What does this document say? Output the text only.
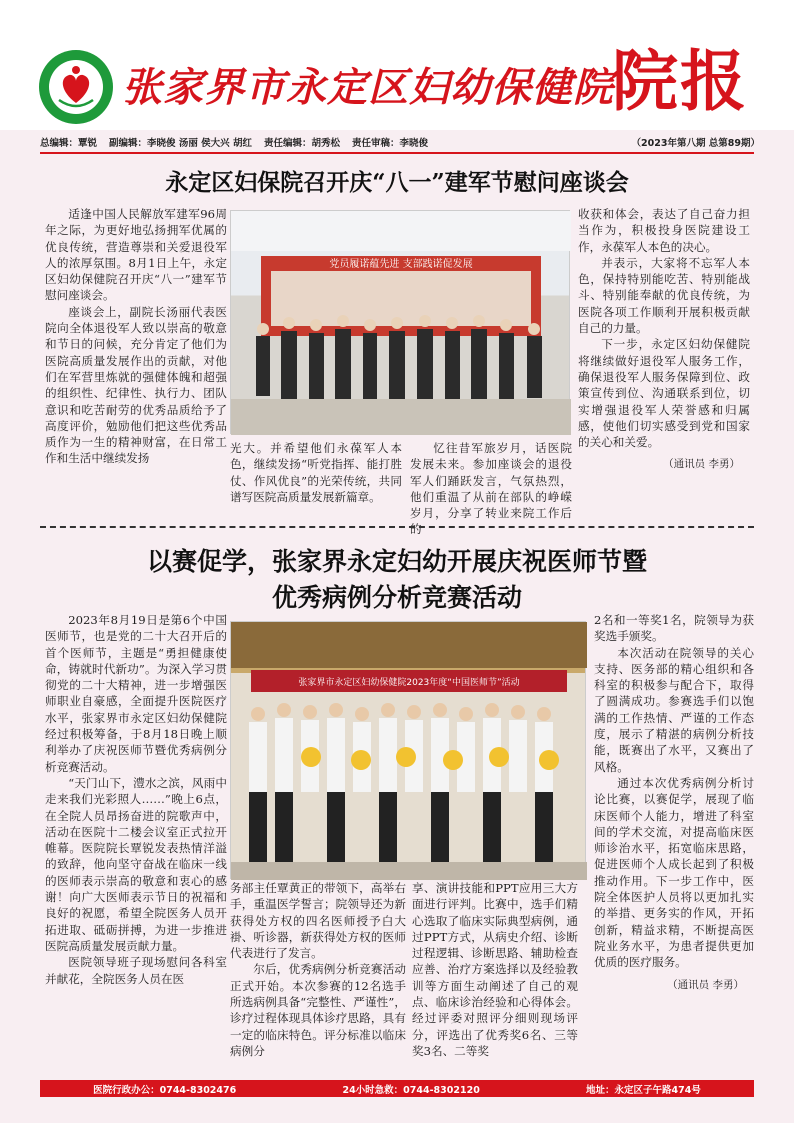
张家界市永定区妇幼保健院
院报
总编辑：覃锐 副编辑：李晓俊 汤丽 侯大兴 胡红 责任编辑：胡秀松 责任审稿：李晓俊	（2023年第八期 总第89期）
永定区妇保院召开庆“八一”建军节慰问座谈会

适逢中国人民解放军建军96周年之际，为更好地弘扬拥军优属的优良传统，营造尊崇和关爱退役军人的浓厚氛围。8月1日上午，永定区妇幼保健院召开庆“八一”建军节慰问座谈会。

座谈会上，副院长汤丽代表医院向全体退役军人致以崇高的敬意和节日的问候，充分肯定了他们为医院高质量发展作出的贡献，对他们在军营里炼就的强健体魄和超强的组织性、纪律性、执行力、团队意识和吃苦耐劳的优秀品质给予了高度评价，勉励他们把这些优秀品质作为一生的精神财富，在日常工作和生活中继续发扬

光大。并希望他们永葆军人本色，继续发扬“听党指挥、能打胜仗、作风优良”的光荣传统，共同谱写医院高质量发展新篇章。

忆往昔军旅岁月，话医院发展未来。参加座谈会的退役军人们踊跃发言，气氛热烈，他们重温了从前在部队的峥嵘岁月，分享了转业来院工作后的

收获和体会，表达了自己奋力担当作为，积极投身医院建设工作，永葆军人本色的决心。

并表示，大家将不忘军人本色，保持特别能吃苦、特别能战斗、特别能奉献的优良传统，为医院各项工作顺利开展积极贡献自己的力量。

下一步，永定区妇幼保健院将继续做好退役军人服务工作，确保退役军人服务保障到位、政策宣传到位、沟通联系到位，切实增强退役军人荣誉感和归属感，使他们切实感受到党和国家的关心和关爱。

（通讯员 李勇）
党员履诺蕴先进 支部践诺促发展
以赛促学，张家界永定妇幼开展庆祝医师节暨
优秀病例分析竞赛活动

2023年8月19日是第6个中国医师节，也是党的二十大召开后的首个医师节，主题是“勇担健康使命，铸就时代新功”。为深入学习贯彻党的二十大精神，进一步增强医师职业自豪感，全面提升医院医疗水平，张家界市永定区妇幼保健院经过积极筹备，于8月18日晚上顺利举办了庆祝医师节暨优秀病例分析竞赛活动。

“天门山下，澧水之滨，风雨中走来我们光彩照人……”晚上6点，在全院人员昂扬奋进的院歌声中，活动在医院十二楼会议室正式拉开帷幕。医院院长覃锐发表热情洋溢的致辞，他向坚守奋战在临床一线的医师表示崇高的敬意和衷心的感谢！向广大医师表示节日的祝福和良好的祝愿，希望全院医务人员开拓进取、砥砺拼搏，为进一步推进医院高质量发展贡献力量。

医院领导班子现场慰问各科室并献花，全院医务人员在医

务部主任覃黄正的带领下，高举右手，重温医学誓言；院领导还为新获得处方权的四名医师授予白大褂、听诊器，新获得处方权的医师代表进行了发言。

尔后，优秀病例分析竞赛活动正式开始。本次参赛的12名选手所选病例具备“完整性、严谨性”，诊疗过程体现具体诊疗思路，具有一定的临床特色。评分标准以临床病例分

享、演讲技能和PPT应用三大方面进行评判。比赛中，选手们精心选取了临床实际典型病例，通过PPT方式，从病史介绍、诊断过程逻辑、诊断思路、辅助检查应善、治疗方案选择以及经验教训等方面生动阐述了自己的观点、临床诊治经验和心得体会。经过评委对照评分细则现场评分，评选出了优秀奖6名、三等奖3名、二等奖

2名和一等奖1名，院领导为获奖选手颁奖。

本次活动在院领导的关心支持、医务部的精心组织和各科室的积极参与配合下，取得了圆满成功。参赛选手们以饱满的工作热情、严谨的工作态度，展示了精湛的病例分析技能，既赛出了水平，又赛出了风格。

通过本次优秀病例分析讨论比赛，以赛促学，展现了临床医师个人能力，增进了科室间的学术交流，对提高临床医师诊治水平，拓宽临床思路，促进医师个人成长起到了积极推动作用。下一步工作中，医院全体医护人员将以更加扎实的举措、更务实的作风，开拓创新，精益求精，不断提高医院业务水平，为患者提供更加优质的医疗服务。

（通讯员 李勇）
张家界市永定区妇幼保健院2023年度“中国医师节”活动
医院行政办公：0744-8302476	24小时急救：0744-8302120	地址：永定区子午路474号
